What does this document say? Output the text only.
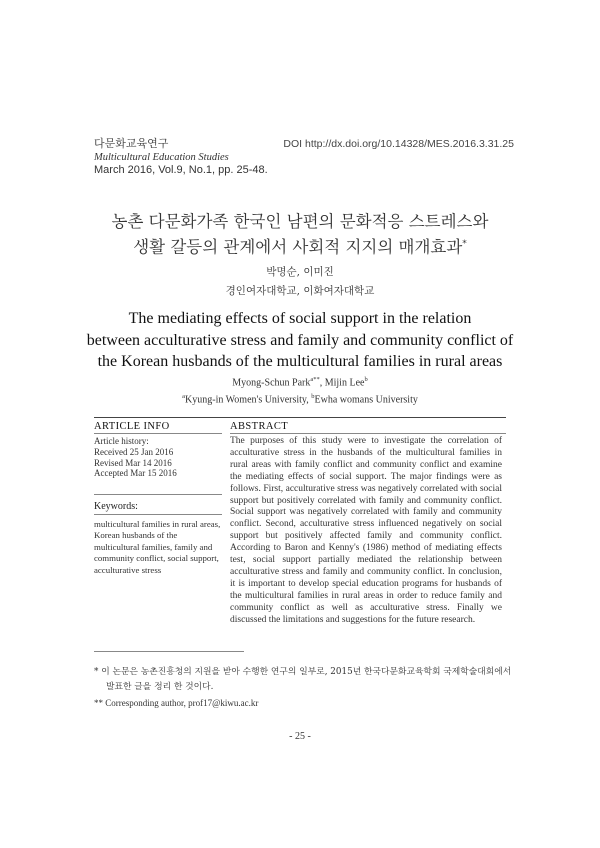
다문화교육연구
Multicultural Education Studies
March 2016, Vol.9, No.1, pp. 25-48.
DOI http://dx.doi.org/10.14328/MES.2016.3.31.25
농촌 다문화가족 한국인 남편의 문화적응 스트레스와
생활 갈등의 관계에서 사회적 지지의 매개효과*
박명순, 이미진
경인여자대학교, 이화여자대학교
The mediating effects of social support in the relation
between acculturative stress and family and community conflict of
the Korean husbands of the multicultural families in rural areas
Myong-Schun Park$^{a**}$, Mijin Lee$^b$
$^a$Kyung-in Women's University, $^b$Ewha womans University
ARTICLE INFO	ABSTRACT
Article history:
Received 25 Jan 2016
Revised Mar 14 2016
Accepted Mar 15 2016
Keywords:
multicultural families in rural areas, Korean husbands of the multicultural families, family and community conflict, social support, acculturative stress
The purposes of this study were to investigate the correlation of acculturative stress in the husbands of the multicultural families in rural areas with family conflict and community conflict and examine the mediating effects of social support. The major findings were as follows. First, acculturative stress was negatively correlated with social support but positively correlated with family and community conflict. Social support was negatively correlated with family and community conflict. Second, acculturative stress influenced negatively on social support but positively affected family and community conflict. According to Baron and Kenny's (1986) method of mediating effects test, social support partially mediated the relationship between acculturative stress and family and community conflict. In conclusion, it is important to develop special education programs for husbands of the multicultural families in rural areas in order to reduce family and community conflict as well as acculturative stress. Finally we discussed the limitations and suggestions for the future research.
* 이 논문은 농촌진흥청의 지원을 받아 수행한 연구의 일부로, 2015년 한국다문화교육학회 국제학술대회에서 발표한 글을 정리 한 것이다.
** Corresponding author, prof17@kiwu.ac.kr
- 25 -
